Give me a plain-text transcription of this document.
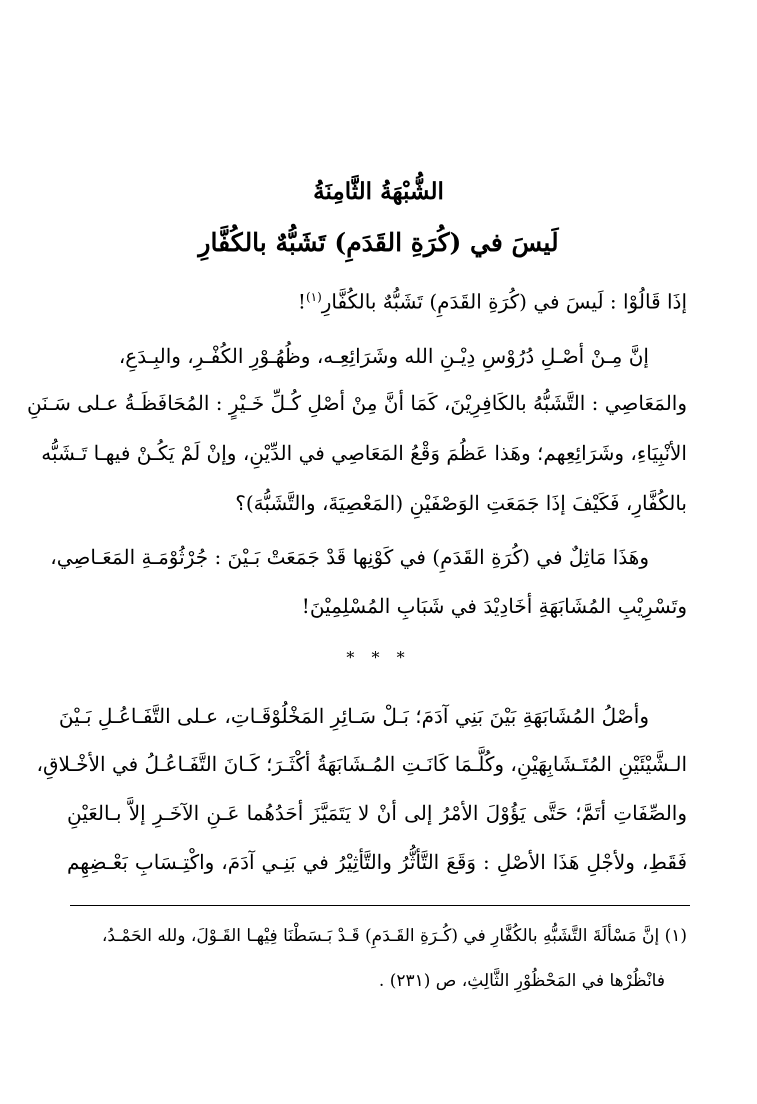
الشُّبْهَةُ الثَّامِنَةُ
لَيسَ في (كُرَةِ القَدَمِ) تَشَبُّهٌ بالكُفَّارِ
إذَا قَالُوْا : لَيسَ في (كُرَةِ القَدَمِ) تَشَبُّهٌ بالكُفَّارِ$^{(١)}$!
إنَّ مِـنْ أصْـلِ دُرُوْسِ دِيْـنِ الله وشَرَائِعِـه، وظُهُـوْرِ الكُفْـرِ، والبِـدَعِ،
والمَعَاصِي : التَّشَبُّهُ بالكَافِرِيْنَ، كَمَا أنَّ مِنْ أصْلِ كُـلِّ خَـيْرٍ : المُحَافَظَـةُ عـلى سَـنَنِ
الأنْبِيَاءِ، وشَرَائِعِهم؛ وهَذا عَظُمَ وَقْعُ المَعَاصِي في الدِّيْنِ، وإنْ لَمْ يَكُـنْ فيهـا تَـشَبُّه
بالكُفَّارِ، فَكَيْفَ إذَا جَمَعَتِ الوَصْفَيْنِ (المَعْصِيَةَ، والتَّشَبُّهَ)؟
وهَذَا مَاثِلٌ في (كُرَةِ القَدَمِ) في كَوْنِها قَدْ جَمَعَتْ بَـيْنَ : جُرْثُوْمَـةِ المَعَـاصِي،
وتَسْرِيْبِ المُشَابَهَةِ أخَادِيْدَ في شَبَابِ المُسْلِمِيْنَ!
* * *
وأصْلُ المُشَابَهَةِ بَيْنَ بَنِي آدَمَ؛ بَـلْ سَـائِرِ المَخْلُوْقَـاتِ، عـلى التَّفَـاعُـلِ بَـيْنَ
الـشَّيْئَيْنِ المُتَـشَابِهَيْنِ، وكُلَّـمَا كَانَـتِ المُـشَابَهَةُ أكْثَـرَ؛ كَـانَ التَّفَـاعُـلُ في الأخْـلاقِ،
والصِّفَاتِ أتَمَّ؛ حَتَّى يَؤُوْلَ الأمْرُ إلى أنْ لا يَتَمَيَّزَ أحَدُهُما عَـنِ الآخَـرِ إلاَّ بـالعَيْنِ
فَقَطِ، ولأجْلِ هَذَا الأصْلِ : وَقَعَ التَّأثُّرُ والتَّأثِيْرُ في بَنِـي آدَمَ، واكْتِـسَابِ بَعْـضِهِم
(١) إنَّ مَسْألَةَ التَّشَبُّهِ بالكُفَّارِ في (كُـرَةِ القَـدَمِ) قَـدْ بَـسَطْنَا فِيْهـا القَـوْلَ، ولله الحَمْـدُ،
فانْظُرْها في المَحْظُوْرِ الثَّالِثِ، ص (٢٣١) .
